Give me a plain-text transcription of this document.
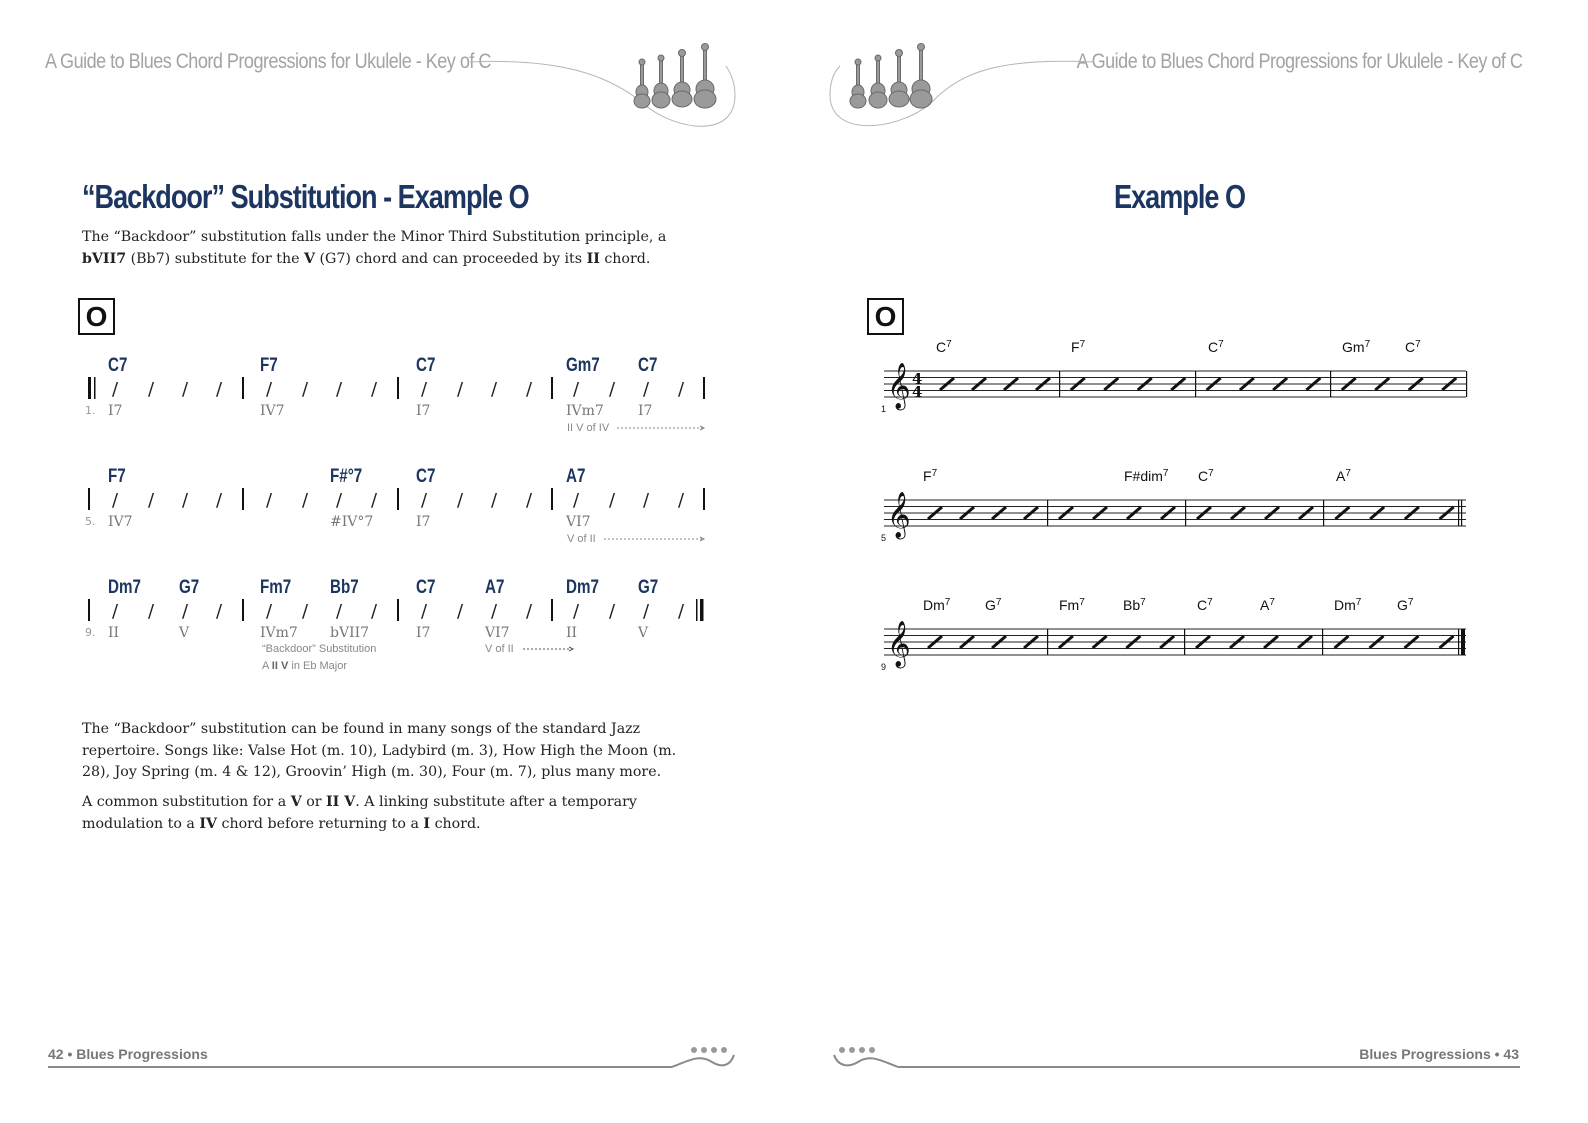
A Guide to Blues Chord Progressions for Ukulele - Key of C
“Backdoor” Substitution - Example O
The “Backdoor” substitution falls under the Minor Third Substitution principle, a bVII7 (Bb7) substitute for the V (G7) chord and can proceeded by its II chord.
O
C7	F7	C7	Gm7 C7
/ / / / / / / / / / / / / / / /
1. I7	IV7	I7	IVm7 I7
II V of IV
F7	F#°7	C7	A7
/ / / / / / / / / / / / / / / /
5. IV7	#IV°7	I7	VI7
V of II
Dm7 G7	Fm7 Bb7	C7	A7	Dm7 G7
/ / / / / / / / / / / / / / / /
9. II	V	IVm7 bVII7	I7	VI7	II	V
“Backdoor” Substitution
A II V in Eb Major
V of II
The “Backdoor” substitution can be found in many songs of the standard Jazz repertoire. Songs like: Valse Hot (m. 10), Ladybird (m. 3), How High the Moon (m. 28), Joy Spring (m. 4 & 12), Groovin’ High (m. 30), Four (m. 7), plus many more.
A common substitution for a V or II V. A linking substitute after a temporary modulation to a IV chord before returning to a I chord.
42 • Blues Progressions
A Guide to Blues Chord Progressions for Ukulele - Key of C
Example O
O
𝄞 4
4
1
$C^7$	$F^7$	$C^7$	Gm$^7$ $C^7$
𝄞
5
$F^7$	F#dim$^7$ $C^7$	$A^7$
𝄞
9
Dm$^7$ $G^7$	Fm$^7$	Bb$^7$	$C^7$	$A^7$	Dm$^7$	$G^7$
Blues Progressions • 43
